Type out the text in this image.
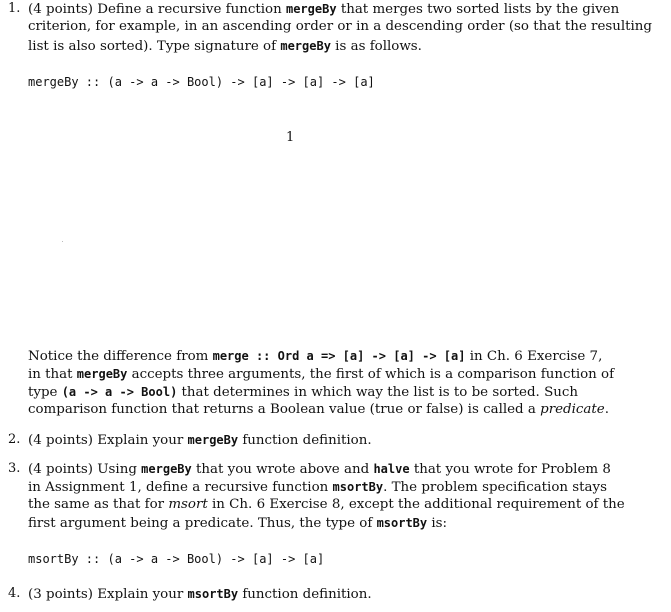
1. (4 points) Define a recursive function mergeBy that merges two sorted lists by the given
criterion, for example, in an ascending order or in a descending order (so that the resulting
list is also sorted). Type signature of mergeBy is as follows.
mergeBy :: (a -> a -> Bool) -> [a] -> [a] -> [a]
1
Notice the difference from merge :: Ord a => [a] -> [a] -> [a] in Ch. 6 Exercise 7,
in that mergeBy accepts three arguments, the first of which is a comparison function of
type (a -> a -> Bool) that determines in which way the list is to be sorted. Such
comparison function that returns a Boolean value (true or false) is called a predicate.
2. (4 points) Explain your mergeBy function definition.
3. (4 points) Using mergeBy that you wrote above and halve that you wrote for Problem 8
in Assignment 1, define a recursive function msortBy. The problem specification stays
the same as that for msort in Ch. 6 Exercise 8, except the additional requirement of the
first argument being a predicate. Thus, the type of msortBy is:
msortBy :: (a -> a -> Bool) -> [a] -> [a]
4. (3 points) Explain your msortBy function definition.
